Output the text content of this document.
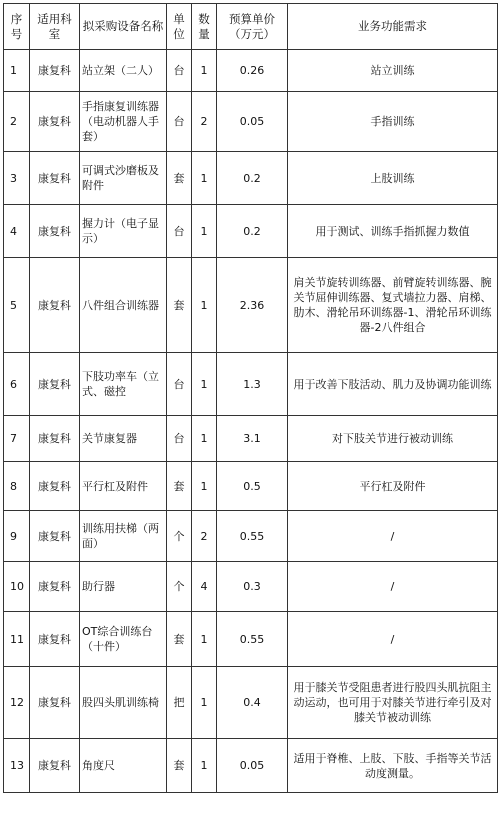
序号	适用科室	拟采购设备名称	单位	数量	预算单价（万元）	业务功能需求
1	康复科	站立架（二人）	台	1	0.26	站立训练
2	康复科	手指康复训练器（电动机器人手套）	台	2	0.05	手指训练
3	康复科	可调式沙磨板及附件	套	1	0.2	上肢训练
4	康复科	握力计（电子显示）	台	1	0.2	用于测试、训练手指抓握力数值
5	康复科	八件组合训练器	套	1	2.36	肩关节旋转训练器、前臂旋转训练器、腕关节屈伸训练器、复式墙拉力器、肩梯、肋木、滑轮吊环训练器-1、滑轮吊环训练器-2八件组合
6	康复科	下肢功率车（立式、磁控	台	1	1.3	用于改善下肢活动、肌力及协调功能训练
7	康复科	关节康复器	台	1	3.1	对下肢关节进行被动训练
8	康复科	平行杠及附件	套	1	0.5	平行杠及附件
9	康复科	训练用扶梯（两面）	个	2	0.55	/
10	康复科	助行器	个	4	0.3	/
11	康复科	OT综合训练台（十件）	套	1	0.55	/
12	康复科	股四头肌训练椅	把	1	0.4	用于膝关节受阻患者进行股四头肌抗阻主动运动，也可用于对膝关节进行牵引及对膝关节被动训练
13	康复科	角度尺	套	1	0.05	适用于脊椎、上肢、下肢、手指等关节活动度测量。
